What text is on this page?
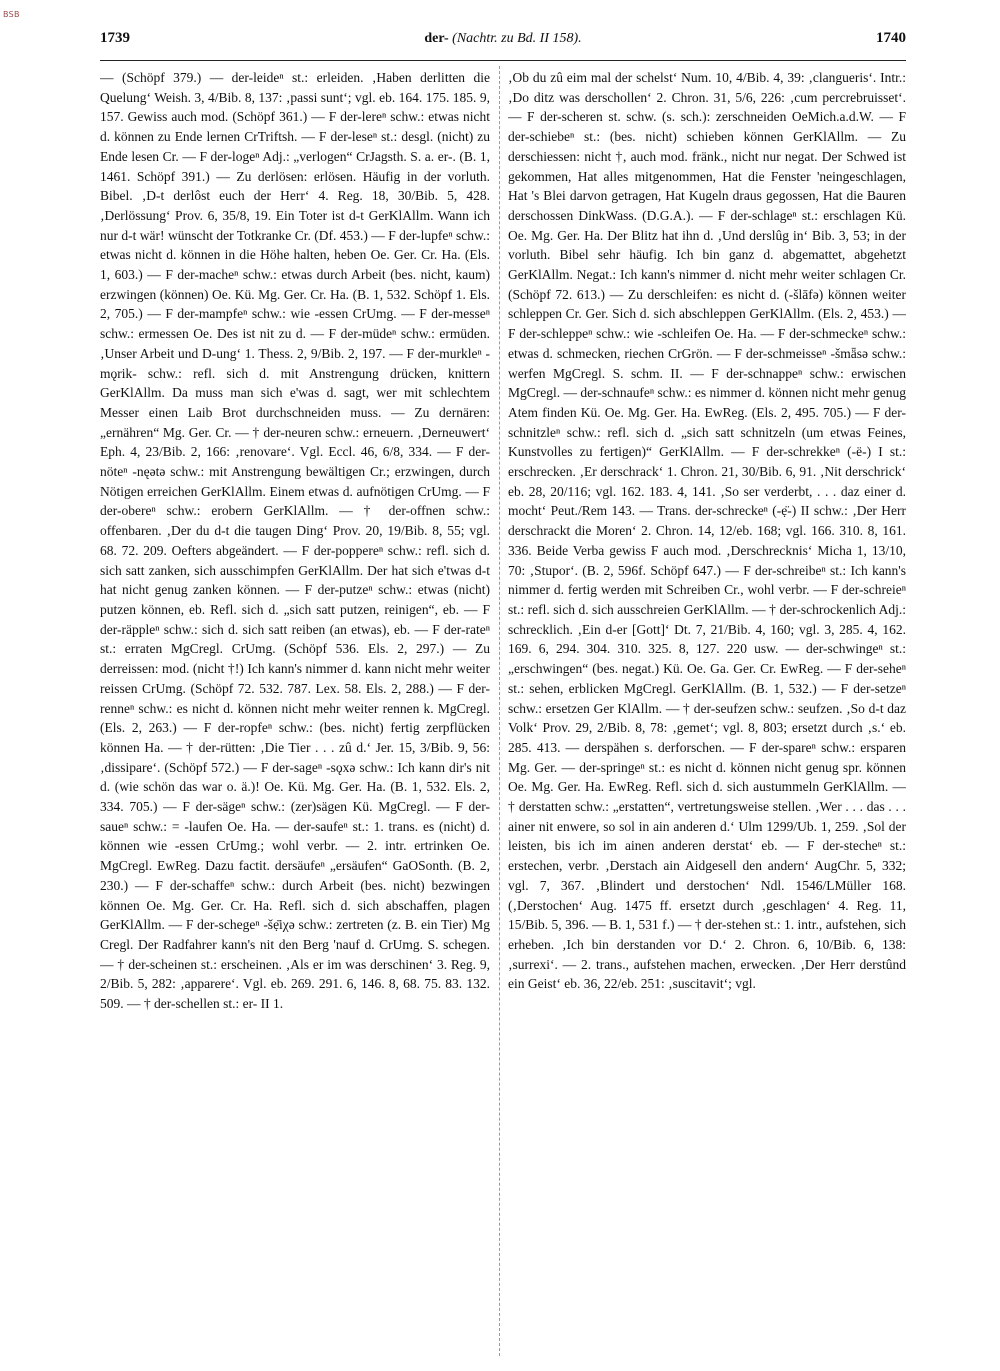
BSB
1739	der- (Nachtr. zu Bd. II 158).	1740

— (Schöpf 379.) — der-leideⁿ st.: erleiden. ‚Haben derlitten die Quelung‘ Weish. 3, 4/Bib. 8, 137: ‚passi sunt‘; vgl. eb. 164. 175. 185. 9, 157. Gewiss auch mod. (Schöpf 361.) — F der-lereⁿ schw.: etwas nicht d. können zu Ende lernen CrTriftsh. — F der-leseⁿ st.: desgl. (nicht) zu Ende lesen Cr. — F der-logeⁿ Adj.: „verlogen“ CrJagsth. S. a. er-. (B. 1, 1461. Schöpf 391.) — Zu derlösen: erlösen. Häufig in der vorluth. Bibel. ‚D-t derlôst euch der Herr‘ 4. Reg. 18, 30/Bib. 5, 428. ‚Derlössung‘ Prov. 6, 35/8, 19. Ein Toter ist d-t GerKlAllm. Wann ich nur d-t wär! wünscht der Totkranke Cr. (Df. 453.) — F der-lupfeⁿ schw.: etwas nicht d. können in die Höhe halten, heben Oe. Ger. Cr. Ha. (Els. 1, 603.) — F der-macheⁿ schw.: etwas durch Arbeit (bes. nicht, kaum) erzwingen (können) Oe. Kü. Mg. Ger. Cr. Ha. (B. 1, 532. Schöpf 1. Els. 2, 705.) — F der-mampfeⁿ schw.: wie -essen CrUmg. — F der-messeⁿ schw.: ermessen Oe. Des ist nit zu d. — F der-müdeⁿ schw.: ermüden. ‚Unser Arbeit und D-ung‘ 1. Thess. 2, 9/Bib. 2, 197. — F der-murkleⁿ -mǫrik- schw.: refl. sich d. mit Anstrengung drücken, knittern GerKlAllm. Da muss man sich e'was d. sagt, wer mit schlechtem Messer einen Laib Brot durchschneiden muss. — Zu dernären: „ernähren“ Mg. Ger. Cr. — † der-neuren schw.: erneuern. ‚Derneuwert‘ Eph. 4, 23/Bib. 2, 166: ‚renovare‘. Vgl. Eccl. 46, 6/8, 334. — F der-nöteⁿ -nęətə schw.: mit Anstrengung bewältigen Cr.; erzwingen, durch Nötigen erreichen GerKlAllm. Einem etwas d. aufnötigen CrUmg. — F der-obereⁿ schw.: erobern GerKlAllm. — † der-offnen schw.: offenbaren. ‚Der du d-t die taugen Ding‘ Prov. 20, 19/Bib. 8, 55; vgl. 68. 72. 209. Oefters abgeändert. — F der-poppereⁿ schw.: refl. sich d. sich satt zanken, sich ausschimpfen GerKlAllm. Der hat sich e'twas d-t hat nicht genug zanken können. — F der-putzeⁿ schw.: etwas (nicht) putzen können, eb. Refl. sich d. „sich satt putzen, reinigen“, eb. — F der-räppleⁿ schw.: sich d. sich satt reiben (an etwas), eb. — F der-rateⁿ st.: erraten MgCregl. CrUmg. (Schöpf 536. Els. 2, 297.) — Zu derreissen: mod. (nicht †!) Ich kann's nimmer d. kann nicht mehr weiter reissen CrUmg. (Schöpf 72. 532. 787. Lex. 58. Els. 2, 288.) — F der-renneⁿ schw.: es nicht d. können nicht mehr weiter rennen k. MgCregl. (Els. 2, 263.) — F der-ropfeⁿ schw.: (bes. nicht) fertig zerpflücken können Ha. — † der-rütten: ‚Die Tier . . . zû d.‘ Jer. 15, 3/Bib. 9, 56: ‚dissipare‘. (Schöpf 572.) — F der-sageⁿ -sǫxə schw.: Ich kann dir's nit d. (wie schön das war o. ä.)! Oe. Kü. Mg. Ger. Ha. (B. 1, 532. Els. 2, 334. 705.) — F der-sägeⁿ schw.: (zer)sägen Kü. MgCregl. — F der-saueⁿ schw.: = -laufen Oe. Ha. — der-saufeⁿ st.: 1. trans. es (nicht) d. können wie -essen CrUmg.; wohl verbr. — 2. intr. ertrinken Oe. MgCregl. EwReg. Dazu factit. dersäufeⁿ „ersäufen“ GaOSonth. (B. 2, 230.) — F der-schaffeⁿ schw.: durch Arbeit (bes. nicht) bezwingen können Oe. Mg. Ger. Cr. Ha. Refl. sich d. sich abschaffen, plagen GerKlAllm. — F der-schegeⁿ -šẹ̄iχə schw.: zertreten (z. B. ein Tier) Mg Cregl. Der Radfahrer kann's nit den Berg 'nauf d. CrUmg. S. schegen. — † der-scheinen st.: erscheinen. ‚Als er im was derschinen‘ 3. Reg. 9, 2/Bib. 5, 282: ‚apparere‘. Vgl. eb. 269. 291. 6, 146. 8, 68. 75. 83. 132. 509. — † der-schellen st.: er- II 1.

‚Ob du zû eim mal der schelst‘ Num. 10, 4/Bib. 4, 39: ‚clangueris‘. Intr.: ‚Do ditz was derschollen‘ 2. Chron. 31, 5/6, 226: ‚cum percrebruisset‘. — F der-scheren st. schw. (s. sch.): zerschneiden OeMich.a.d.W. — F der-schiebeⁿ st.: (bes. nicht) schieben können GerKlAllm. — Zu derschiessen: nicht †, auch mod. fränk., nicht nur negat. Der Schwed ist gekommen, Hat alles mitgenommen, Hat die Fenster 'neingeschlagen, Hat 's Blei darvon getragen, Hat Kugeln draus gegossen, Hat die Bauren derschossen DinkWass. (D.G.A.). — F der-schlageⁿ st.: erschlagen Kü. Oe. Mg. Ger. Ha. Der Blitz hat ihn d. ‚Und derslûg in‘ Bib. 3, 53; in der vorluth. Bibel sehr häufig. Ich bin ganz d. abgemattet, abgehetzt GerKlAllm. Negat.: Ich kann's nimmer d. nicht mehr weiter schlagen Cr. (Schöpf 72. 613.) — Zu derschleifen: es nicht d. (-šlāfə) können weiter schleppen Cr. Ger. Sich d. sich abschleppen GerKlAllm. (Els. 2, 453.) — F der-schleppeⁿ schw.: wie -schleifen Oe. Ha. — F der-schmeckeⁿ schw.: etwas d. schmecken, riechen CrGrön. — F der-schmeisseⁿ -šmǟsə schw.: werfen MgCregl. S. schm. II. — F der-schnappeⁿ schw.: erwischen MgCregl. — der-schnaufeⁿ schw.: es nimmer d. können nicht mehr genug Atem finden Kü. Oe. Mg. Ger. Ha. EwReg. (Els. 2, 495. 705.) — F der-schnitzleⁿ schw.: refl. sich d. „sich satt schnitzeln (um etwas Feines, Kunstvolles zu fertigen)“ GerKlAllm. — F der-schrekkeⁿ (-ë-) I st.: erschrecken. ‚Er derschrack‘ 1. Chron. 21, 30/Bib. 6, 91. ‚Nit derschrick‘ eb. 28, 20/116; vgl. 162. 183. 4, 141. ‚So ser verderbt, . . . daz einer d. mocht‘ Peut./Rem 143. — Trans. der-schreckeⁿ (-ẹ̈-) II schw.: ‚Der Herr derschrackt die Moren‘ 2. Chron. 14, 12/eb. 168; vgl. 166. 310. 8, 161. 336. Beide Verba gewiss F auch mod. ‚Derschrecknis‘ Micha 1, 13/10, 70: ‚Stupor‘. (B. 2, 596f. Schöpf 647.) — F der-schreibeⁿ st.: Ich kann's nimmer d. fertig werden mit Schreiben Cr., wohl verbr. — F der-schreieⁿ st.: refl. sich d. sich ausschreien GerKlAllm. — † der-schrockenlich Adj.: schrecklich. ‚Ein d-er [Gott]‘ Dt. 7, 21/Bib. 4, 160; vgl. 3, 285. 4, 162. 169. 6, 294. 304. 310. 325. 8, 127. 220 usw. — der-schwingeⁿ st.: „erschwingen“ (bes. negat.) Kü. Oe. Ga. Ger. Cr. EwReg. — F der-seheⁿ st.: sehen, erblicken MgCregl. GerKlAllm. (B. 1, 532.) — F der-setzeⁿ schw.: ersetzen Ger KlAllm. — † der-seufzen schw.: seufzen. ‚So d-t daz Volk‘ Prov. 29, 2/Bib. 8, 78: ‚gemet‘; vgl. 8, 803; ersetzt durch ‚s.‘ eb. 285. 413. — derspähen s. derforschen. — F der-spareⁿ schw.: ersparen Mg. Ger. — der-springeⁿ st.: es nicht d. können nicht genug spr. können Oe. Mg. Ger. Ha. EwReg. Refl. sich d. sich austummeln GerKlAllm. — † derstatten schw.: „erstatten“, vertretungsweise stellen. ‚Wer . . . das . . . ainer nit enwere, so sol in ain anderen d.‘ Ulm 1299/Ub. 1, 259. ‚Sol der leisten, bis ich im ainen anderen derstat‘ eb. — F der-stecheⁿ st.: erstechen, verbr. ‚Derstach ain Aidgesell den andern‘ AugChr. 5, 332; vgl. 7, 367. ‚Blindert und derstochen‘ Ndl. 1546/LMüller 168. (‚Derstochen‘ Aug. 1475 ff. ersetzt durch ‚geschlagen‘ 4. Reg. 11, 15/Bib. 5, 396. — B. 1, 531 f.) — † der-stehen st.: 1. intr., aufstehen, sich erheben. ‚Ich bin derstanden vor D.‘ 2. Chron. 6, 10/Bib. 6, 138: ‚surrexi‘. — 2. trans., aufstehen machen, erwecken. ‚Der Herr derstûnd ein Geist‘ eb. 36, 22/eb. 251: ‚suscitavit‘; vgl.
